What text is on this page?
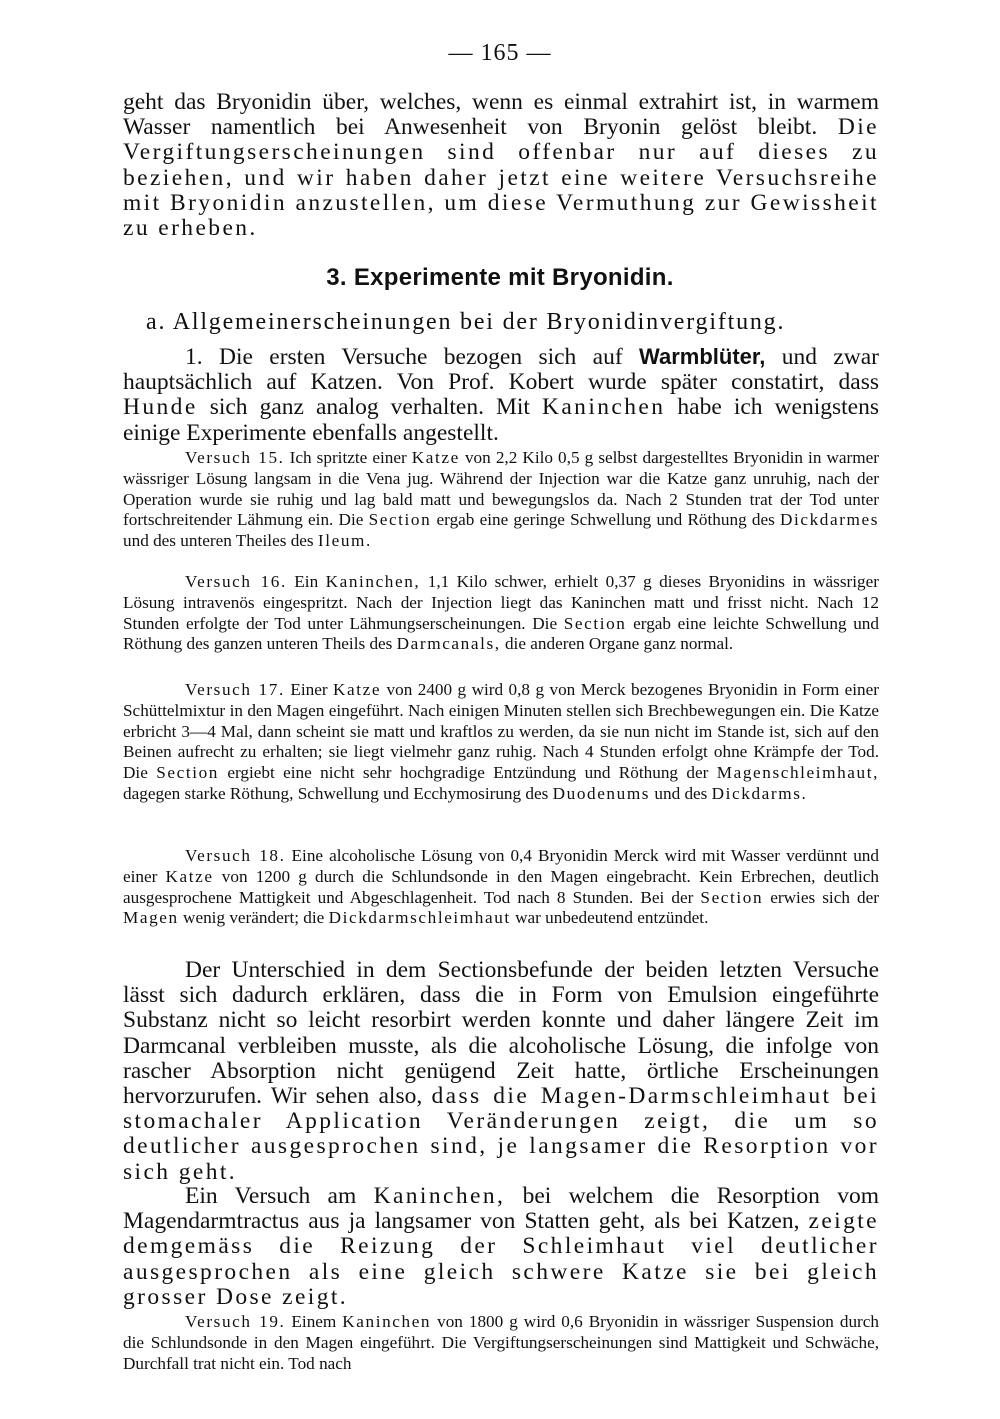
— 165 —

geht das Bryonidin über, welches, wenn es einmal extrahirt ist, in warmem Wasser namentlich bei Anwesenheit von Bryonin gelöst bleibt. Die Vergiftungserscheinungen sind offenbar nur auf dieses zu beziehen, und wir haben daher jetzt eine weitere Versuchsreihe mit Bryonidin anzustellen, um diese Vermuthung zur Gewissheit zu erheben.

3. Experimente mit Bryonidin.
a. Allgemeinerscheinungen bei der Bryonidinvergiftung.

1. Die ersten Versuche bezogen sich auf Warmblüter, und zwar hauptsächlich auf Katzen. Von Prof. Kobert wurde später constatirt, dass Hunde sich ganz analog verhalten. Mit Kaninchen habe ich wenigstens einige Experimente ebenfalls angestellt.

Versuch 15. Ich spritzte einer Katze von 2,2 Kilo 0,5 g selbst dargestelltes Bryonidin in warmer wässriger Lösung langsam in die Vena jug. Während der Injection war die Katze ganz unruhig, nach der Operation wurde sie ruhig und lag bald matt und bewegungslos da. Nach 2 Stunden trat der Tod unter fortschreitender Lähmung ein. Die Section ergab eine geringe Schwellung und Röthung des Dickdarmes und des unteren Theiles des Ileum.

Versuch 16. Ein Kaninchen, 1,1 Kilo schwer, erhielt 0,37 g dieses Bryonidins in wässriger Lösung intravenös eingespritzt. Nach der Injection liegt das Kaninchen matt und frisst nicht. Nach 12 Stunden erfolgte der Tod unter Lähmungserscheinungen. Die Section ergab eine leichte Schwellung und Röthung des ganzen unteren Theils des Darmcanals, die anderen Organe ganz normal.

Versuch 17. Einer Katze von 2400 g wird 0,8 g von Merck bezogenes Bryonidin in Form einer Schüttelmixtur in den Magen eingeführt. Nach einigen Minuten stellen sich Brechbewegungen ein. Die Katze erbricht 3—4 Mal, dann scheint sie matt und kraftlos zu werden, da sie nun nicht im Stande ist, sich auf den Beinen aufrecht zu erhalten; sie liegt vielmehr ganz ruhig. Nach 4 Stunden erfolgt ohne Krämpfe der Tod. Die Section ergiebt eine nicht sehr hochgradige Entzündung und Röthung der Magenschleimhaut, dagegen starke Röthung, Schwellung und Ecchymosirung des Duodenums und des Dickdarms.

Versuch 18. Eine alcoholische Lösung von 0,4 Bryonidin Merck wird mit Wasser verdünnt und einer Katze von 1200 g durch die Schlundsonde in den Magen eingebracht. Kein Erbrechen, deutlich ausgesprochene Mattigkeit und Abgeschlagenheit. Tod nach 8 Stunden. Bei der Section erwies sich der Magen wenig verändert; die Dickdarmschleimhaut war unbedeutend entzündet.

Der Unterschied in dem Sectionsbefunde der beiden letzten Versuche lässt sich dadurch erklären, dass die in Form von Emulsion eingeführte Substanz nicht so leicht resorbirt werden konnte und daher längere Zeit im Darmcanal verbleiben musste, als die alcoholische Lösung, die infolge von rascher Absorption nicht genügend Zeit hatte, örtliche Erscheinungen hervorzurufen. Wir sehen also, dass die Magen-Darmschleimhaut bei stomachaler Application Veränderungen zeigt, die um so deutlicher ausgesprochen sind, je langsamer die Resorption vor sich geht.

Ein Versuch am Kaninchen, bei welchem die Resorption vom Magendarmtractus aus ja langsamer von Statten geht, als bei Katzen, zeigte demgemäss die Reizung der Schleimhaut viel deutlicher ausgesprochen als eine gleich schwere Katze sie bei gleich grosser Dose zeigt.

Versuch 19. Einem Kaninchen von 1800 g wird 0,6 Bryonidin in wässriger Suspension durch die Schlundsonde in den Magen eingeführt. Die Vergiftungserscheinungen sind Mattigkeit und Schwäche, Durchfall trat nicht ein. Tod nach
